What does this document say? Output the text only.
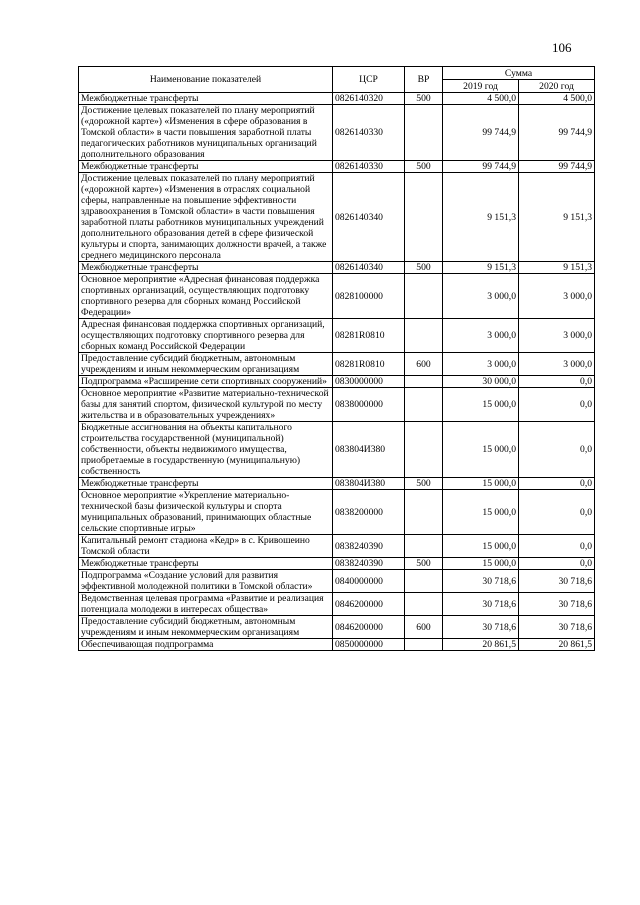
106
Наименование показателей	ЦСР	ВР	Сумма	
			2019 год	2020 год
Межбюджетные трансферты	0826140320	500	4 500,0	4 500,0
Достижение целевых показателей по плану мероприятий («дорожной карте») «Изменения в сфере образования в Томской области» в части повышения заработной платы педагогических работников муниципальных организаций дополнительного образования	0826140330		99 744,9	99 744,9
Межбюджетные трансферты	0826140330	500	99 744,9	99 744,9
Достижение целевых показателей по плану мероприятий («дорожной карте») «Изменения в отраслях социальной сферы, направленные на повышение эффективности здравоохранения в Томской области» в части повышения заработной платы работников муниципальных учреждений дополнительного образования детей в сфере физической культуры и спорта, занимающих должности врачей, а также среднего медицинского персонала	0826140340		9 151,3	9 151,3
Межбюджетные трансферты	0826140340	500	9 151,3	9 151,3
Основное мероприятие «Адресная финансовая поддержка спортивных организаций, осуществляющих подготовку спортивного резерва для сборных команд Российской Федерации»	0828100000		3 000,0	3 000,0
Адресная финансовая поддержка спортивных организаций, осуществляющих подготовку спортивного резерва для сборных команд Российской Федерации	08281R0810		3 000,0	3 000,0
Предоставление субсидий бюджетным, автономным учреждениям и иным некоммерческим организациям	08281R0810	600	3 000,0	3 000,0
Подпрограмма «Расширение сети спортивных сооружений»	0830000000		30 000,0	0,0
Основное мероприятие «Развитие материально-технической базы для занятий спортом, физической культурой по месту жительства и в образовательных учреждениях»	0838000000		15 000,0	0,0
Бюджетные ассигнования на объекты капитального строительства государственной (муниципальной) собственности, объекты недвижимого имущества, приобретаемые в государственную (муниципальную) собственность	083804И380		15 000,0	0,0
Межбюджетные трансферты	083804И380	500	15 000,0	0,0
Основное мероприятие «Укрепление материально-технической базы физической культуры и спорта муниципальных образований, принимающих областные сельские спортивные игры»	0838200000		15 000,0	0,0
Капитальный ремонт стадиона «Кедр» в с. Кривошеино Томской области	0838240390		15 000,0	0,0
Межбюджетные трансферты	0838240390	500	15 000,0	0,0
Подпрограмма «Создание условий для развития эффективной молодежной политики в Томской области»	0840000000		30 718,6	30 718,6
Ведомственная целевая программа «Развитие и реализация потенциала молодежи в интересах общества»	0846200000		30 718,6	30 718,6
Предоставление субсидий бюджетным, автономным учреждениям и иным некоммерческим организациям	0846200000	600	30 718,6	30 718,6
Обеспечивающая подпрограмма	0850000000		20 861,5	20 861,5
